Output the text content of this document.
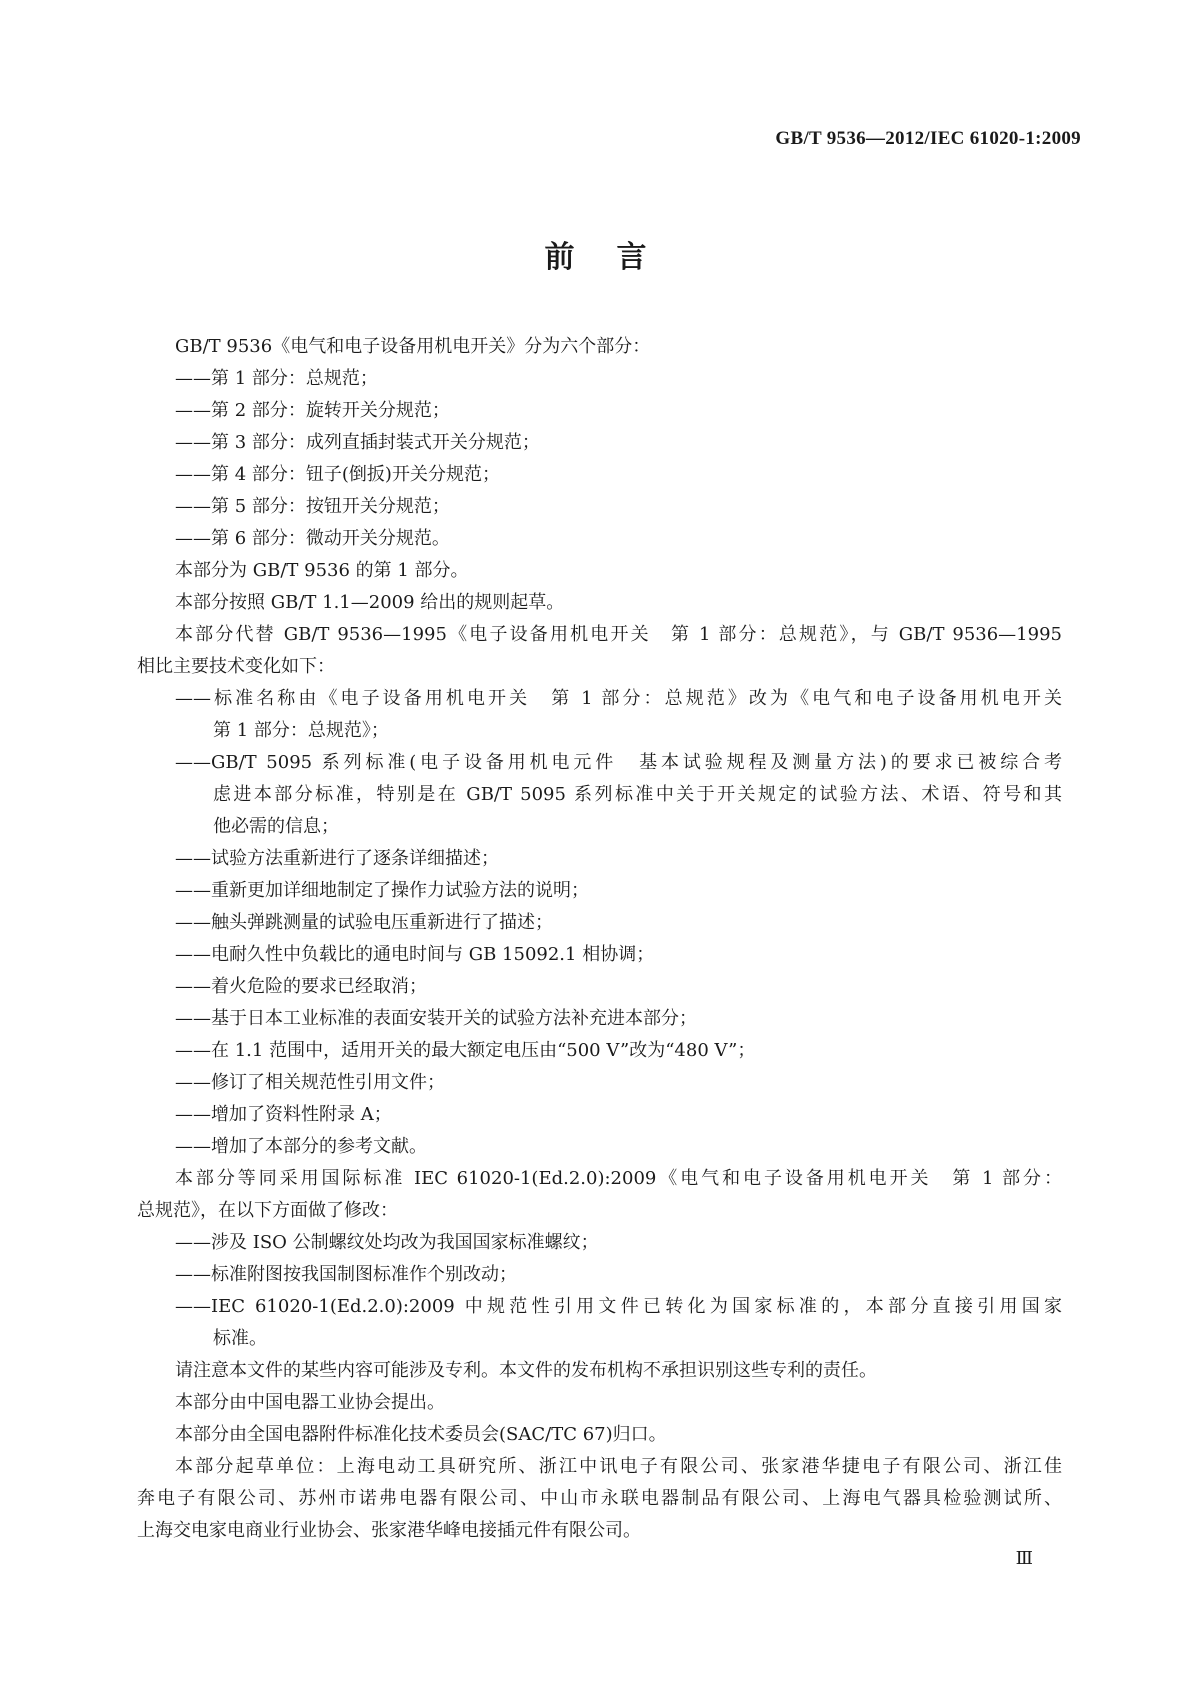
GB/T 9536—2012/IEC 61020-1:2009
前言
GB/T 9536《电气和电子设备用机电开关》分为六个部分：
——第 1 部分：总规范；
——第 2 部分：旋转开关分规范；
——第 3 部分：成列直插封装式开关分规范；
——第 4 部分：钮子(倒扳)开关分规范；
——第 5 部分：按钮开关分规范；
——第 6 部分：微动开关分规范。
本部分为 GB/T 9536 的第 1 部分。
本部分按照 GB/T 1.1—2009 给出的规则起草。
本部分代替 GB/T 9536—1995《电子设备用机电开关　第 1 部分：总规范》，与 GB/T 9536—1995
相比主要技术变化如下：
——标准名称由《电子设备用机电开关　第 1 部分：总规范》改为《电气和电子设备用机电开关
第 1 部分：总规范》；
——GB/T 5095 系列标准(电子设备用机电元件　基本试验规程及测量方法)的要求已被综合考
虑进本部分标准，特别是在 GB/T 5095 系列标准中关于开关规定的试验方法、术语、符号和其
他必需的信息；
——试验方法重新进行了逐条详细描述；
——重新更加详细地制定了操作力试验方法的说明；
——触头弹跳测量的试验电压重新进行了描述；
——电耐久性中负载比的通电时间与 GB 15092.1 相协调；
——着火危险的要求已经取消；
——基于日本工业标准的表面安装开关的试验方法补充进本部分；
——在 1.1 范围中，适用开关的最大额定电压由“500 V”改为“480 V”；
——修订了相关规范性引用文件；
——增加了资料性附录 A；
——增加了本部分的参考文献。
本部分等同采用国际标准 IEC 61020-1(Ed.2.0):2009《电气和电子设备用机电开关　第 1 部分：
总规范》，在以下方面做了修改：
——涉及 ISO 公制螺纹处均改为我国国家标准螺纹；
——标准附图按我国制图标准作个别改动；
——IEC 61020-1(Ed.2.0):2009 中规范性引用文件已转化为国家标准的，本部分直接引用国家
标准。
请注意本文件的某些内容可能涉及专利。本文件的发布机构不承担识别这些专利的责任。
本部分由中国电器工业协会提出。
本部分由全国电器附件标准化技术委员会(SAC/TC 67)归口。
本部分起草单位：上海电动工具研究所、浙江中讯电子有限公司、张家港华捷电子有限公司、浙江佳
奔电子有限公司、苏州市诺弗电器有限公司、中山市永联电器制品有限公司、上海电气器具检验测试所、
上海交电家电商业行业协会、张家港华峰电接插元件有限公司。
Ⅲ
